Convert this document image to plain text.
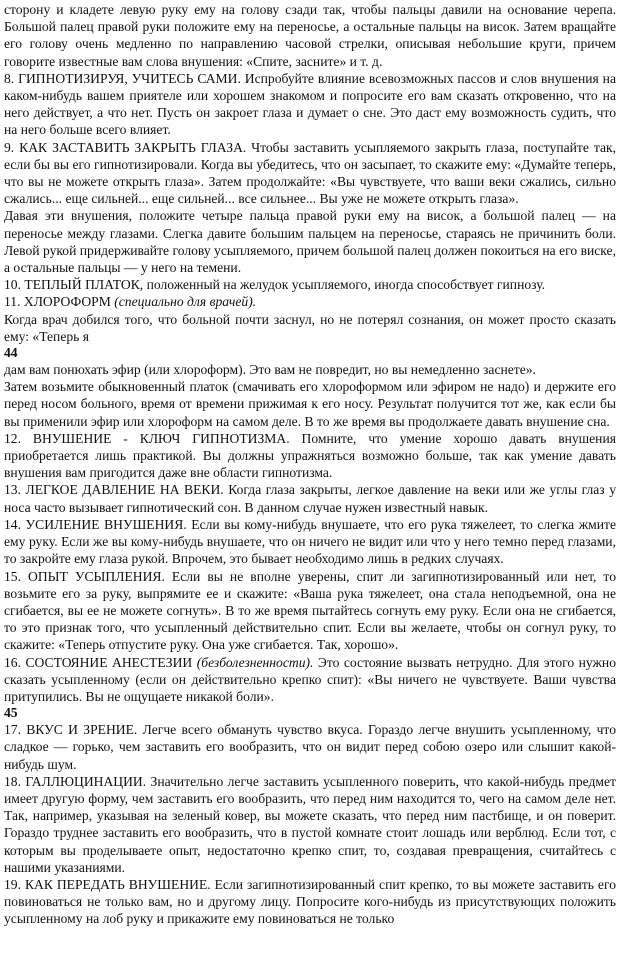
сторону и кладете левую руку ему на голову сзади так, чтобы пальцы давили на основание черепа. Большой палец правой руки положите ему на переносье, а остальные пальцы на висок. Затем вращайте его голову очень медленно по направлению часовой стрелки, описывая небольшие круги, причем говорите известные вам слова внушения: «Спите, засните» и т. д.

8. ГИПНОТИЗИРУЯ, УЧИТЕСЬ САМИ. Испробуйте влияние всевозможных пассов и слов внушения на каком-нибудь вашем приятеле или хорошем знакомом и попросите его вам сказать откровенно, что на него действует, а что нет. Пусть он закроет глаза и думает о сне. Это даст ему возможность судить, что на него больше всего влияет.

9. КАК ЗАСТАВИТЬ ЗАКРЫТЬ ГЛАЗА. Чтобы заставить усыпляемого закрыть глаза, поступайте так, если бы вы его гипнотизировали. Когда вы убедитесь, что он засыпает, то скажите ему: «Думайте теперь, что вы не можете открыть глаза». Затем продолжайте: «Вы чувствуете, что ваши веки сжались, сильно сжались... еще сильней... еще сильней... все сильнее... Вы уже не можете открыть глаза».

Давая эти внушения, положите четыре пальца правой руки ему на висок, а большой палец — на переносье между глазами. Слегка давите большим пальцем на переносье, стараясь не причинить боли. Левой рукой придерживайте голову усыпляемого, причем большой палец должен покоиться на его виске, а остальные пальцы — у него на темени.

10. ТЕПЛЫЙ ПЛАТОК, положенный на желудок усыпляемого, иногда способствует гипнозу.

11. ХЛОРОФОРМ (специально для врачей).

Когда врач добился того, что больной почти заснул, но не потерял сознания, он может просто сказать ему: «Теперь я

44

дам вам понюхать эфир (или хлороформ). Это вам не повредит, но вы немедленно заснете».

Затем возьмите обыкновенный платок (смачивать его хлороформом или эфиром не надо) и держите его перед носом больного, время от времени прижимая к его носу. Результат получится тот же, как если бы вы применили эфир или хлороформ на самом деле. В то же время вы продолжаете давать внушение сна.

12. ВНУШЕНИЕ - КЛЮЧ ГИПНОТИЗМА. Помните, что умение хорошо давать внушения приобретается лишь практикой. Вы должны упражняться возможно больше, так как умение давать внушения вам пригодится даже вне области гипнотизма.

13. ЛЕГКОЕ ДАВЛЕНИЕ НА ВЕКИ. Когда глаза закрыты, легкое давление на веки или же углы глаз у носа часто вызывает гипнотический сон. В данном случае нужен известный навык.

14. УСИЛЕНИЕ ВНУШЕНИЯ. Если вы кому-нибудь внушаете, что его рука тяжелеет, то слегка жмите ему руку. Если же вы кому-нибудь внушаете, что он ничего не видит или что у него темно перед глазами, то закройте ему глаза рукой. Впрочем, это бывает необходимо лишь в редких случаях.

15. ОПЫТ УСЫПЛЕНИЯ. Если вы не вполне уверены, спит ли загипнотизированный или нет, то возьмите его за руку, выпрямите ее и скажите: «Ваша рука тяжелеет, она стала неподъемной, она не сгибается, вы ее не можете согнуть». В то же время пытайтесь согнуть ему руку. Если она не сгибается, то это признак того, что усыпленный действительно спит. Если вы желаете, чтобы он согнул руку, то скажите: «Теперь отпустите руку. Она уже сгибается. Так, хорошо».

16. СОСТОЯНИЕ АНЕСТЕЗИИ (безболезненности). Это состояние вызвать нетрудно. Для этого нужно сказать усыпленному (если он действительно крепко спит): «Вы ничего не чувствуете. Ваши чувства притупились. Вы не ощущаете никакой боли».

45

17. ВКУС И ЗРЕНИЕ. Легче всего обмануть чувство вкуса. Гораздо легче внушить усыпленному, что сладкое — горько, чем заставить его вообразить, что он видит перед собою озеро или слышит какой-нибудь шум.

18. ГАЛЛЮЦИНАЦИИ. Значительно легче заставить усыпленного поверить, что какой-нибудь предмет имеет другую форму, чем заставить его вообразить, что перед ним находится то, чего на самом деле нет. Так, например, указывая на зеленый ковер, вы можете сказать, что перед ним пастбище, и он поверит. Гораздо труднее заставить его вообразить, что в пустой комнате стоит лошадь или верблюд. Если тот, с которым вы проделываете опыт, недостаточно крепко спит, то, создавая превращения, считайтесь с нашими указаниями.

19. КАК ПЕРЕДАТЬ ВНУШЕНИЕ. Если загипнотизированный спит крепко, то вы можете заставить его повиноваться не только вам, но и другому лицу. Попросите кого-нибудь из присутствующих положить усыпленному на лоб руку и прикажите ему повиноваться не только
